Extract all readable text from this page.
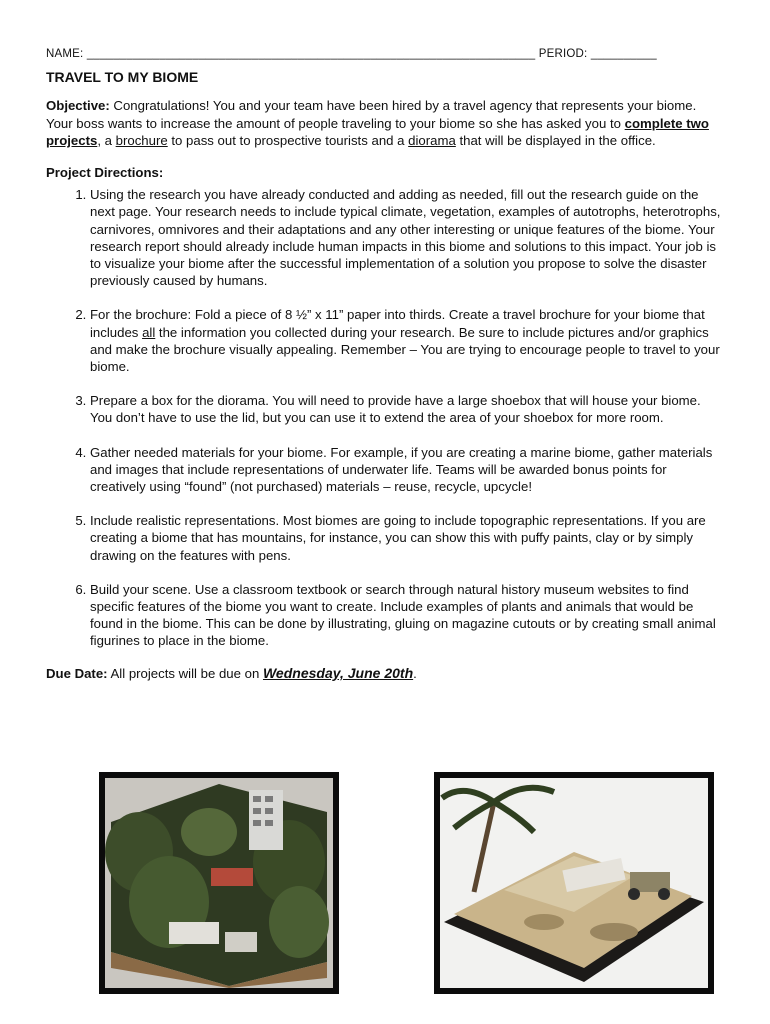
NAME: ____________________________________________________________________ PERIOD: __________
TRAVEL TO MY BIOME
Objective: Congratulations! You and your team have been hired by a travel agency that represents your biome. Your boss wants to increase the amount of people traveling to your biome so she has asked you to complete two projects, a brochure to pass out to prospective tourists and a diorama that will be displayed in the office.
Project Directions:
1. Using the research you have already conducted and adding as needed, fill out the research guide on the next page. Your research needs to include typical climate, vegetation, examples of autotrophs, heterotrophs, carnivores, omnivores and their adaptations and any other interesting or unique features of the biome. Your research report should already include human impacts in this biome and solutions to this impact. Your job is to visualize your biome after the successful implementation of a solution you propose to solve the disaster previously caused by humans.
2. For the brochure: Fold a piece of 8 ½” x 11” paper into thirds. Create a travel brochure for your biome that includes all the information you collected during your research. Be sure to include pictures and/or graphics and make the brochure visually appealing. Remember – You are trying to encourage people to travel to your biome.
3. Prepare a box for the diorama. You will need to provide have a large shoebox that will house your biome. You don’t have to use the lid, but you can use it to extend the area of your shoebox for more room.
4. Gather needed materials for your biome. For example, if you are creating a marine biome, gather materials and images that include representations of underwater life. Teams will be awarded bonus points for creatively using “found” (not purchased) materials – reuse, recycle, upcycle!
5. Include realistic representations. Most biomes are going to include topographic representations. If you are creating a biome that has mountains, for instance, you can show this with puffy paints, clay or by simply drawing on the features with pens.
6. Build your scene. Use a classroom textbook or search through natural history museum websites to find specific features of the biome you want to create. Include examples of plants and animals that would be found in the biome. This can be done by illustrating, gluing on magazine cutouts or by creating small animal figurines to place in the biome.
Due Date: All projects will be due on Wednesday, June 20th.
